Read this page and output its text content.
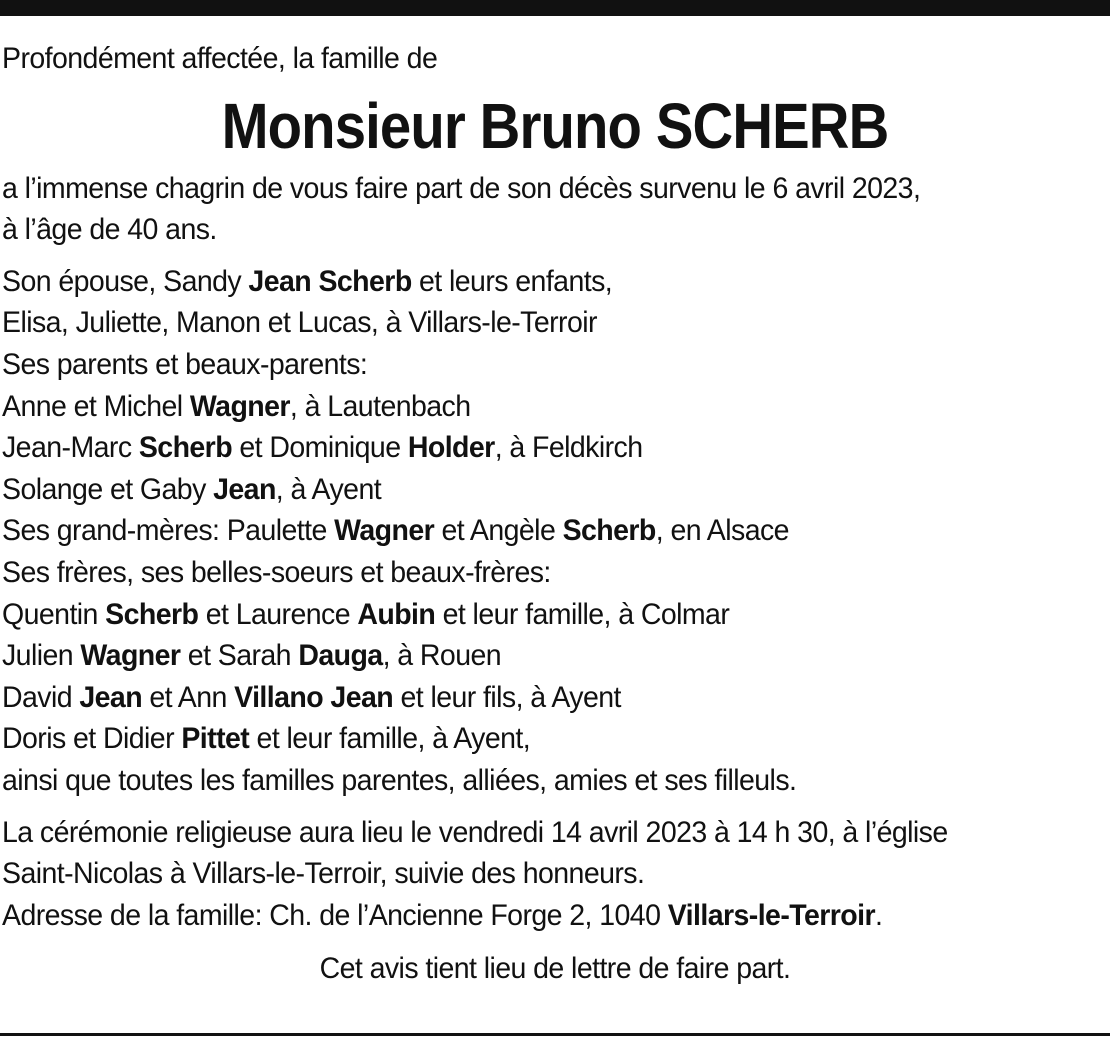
Profondément affectée, la famille de
Monsieur Bruno SCHERB
a l’immense chagrin de vous faire part de son décès survenu le 6 avril 2023,
à l’âge de 40 ans.
Son épouse, Sandy Jean Scherb et leurs enfants,
Elisa, Juliette, Manon et Lucas, à Villars-le-Terroir
Ses parents et beaux-parents:
Anne et Michel Wagner, à Lautenbach
Jean-Marc Scherb et Dominique Holder, à Feldkirch
Solange et Gaby Jean, à Ayent
Ses grand-mères: Paulette Wagner et Angèle Scherb, en Alsace
Ses frères, ses belles-soeurs et beaux-frères:
Quentin Scherb et Laurence Aubin et leur famille, à Colmar
Julien Wagner et Sarah Dauga, à Rouen
David Jean et Ann Villano Jean et leur fils, à Ayent
Doris et Didier Pittet et leur famille, à Ayent,
ainsi que toutes les familles parentes, alliées, amies et ses filleuls.
La cérémonie religieuse aura lieu le vendredi 14 avril 2023 à 14 h 30, à l’église
Saint-Nicolas à Villars-le-Terroir, suivie des honneurs.
Adresse de la famille: Ch. de l’Ancienne Forge 2, 1040 Villars-le-Terroir.
Cet avis tient lieu de lettre de faire part.
